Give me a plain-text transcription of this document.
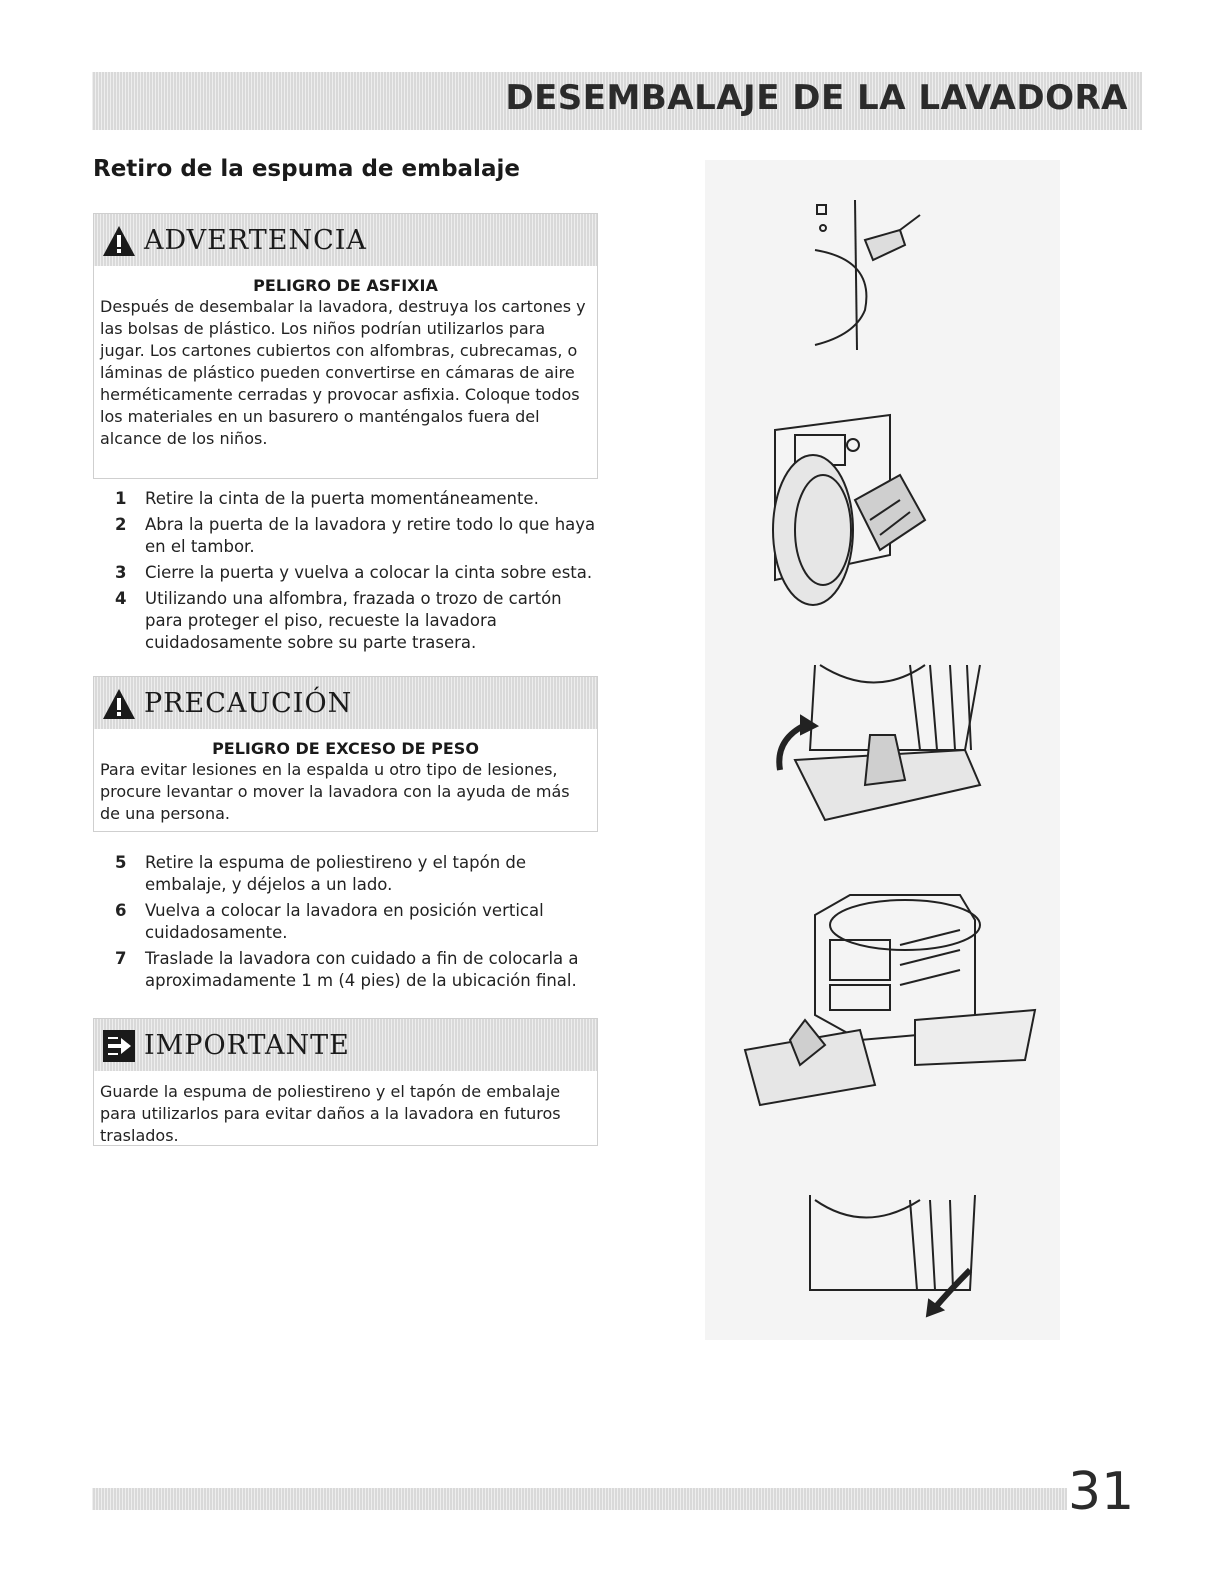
DESEMBALAJE DE LA LAVADORA
Retiro de la espuma de embalaje
ADVERTENCIA
PELIGRO DE ASFIXIA
Después de desembalar la lavadora, destruya los cartones y las bolsas de plástico. Los niños podrían utilizarlos para jugar. Los cartones cubiertos con alfombras, cubrecamas, o láminas de plástico pueden convertirse en cámaras de aire herméticamente cerradas y provocar asfixia. Coloque todos los materiales en un basurero o manténgalos fuera del alcance de los niños.
1 Retire la cinta de la puerta momentáneamente.
2 Abra la puerta de la lavadora y retire todo lo que haya en el tambor.
3 Cierre la puerta y vuelva a colocar la cinta sobre esta.
4 Utilizando una alfombra, frazada o trozo de cartón para proteger el piso, recueste la lavadora cuidadosamente sobre su parte trasera.
PRECAUCIÓN
PELIGRO DE EXCESO DE PESO
Para evitar lesiones en la espalda u otro tipo de lesiones, procure levantar o mover la lavadora con la ayuda de más de una persona.
5 Retire la espuma de poliestireno y el tapón de embalaje, y déjelos a un lado.
6 Vuelva a colocar la lavadora en posición vertical cuidadosamente.
7 Traslade la lavadora con cuidado a fin de colocarla a aproximadamente 1 m (4 pies) de la ubicación final.
IMPORTANTE
Guarde la espuma de poliestireno y el tapón de embalaje para utilizarlos para evitar daños a la lavadora en futuros traslados.
31
